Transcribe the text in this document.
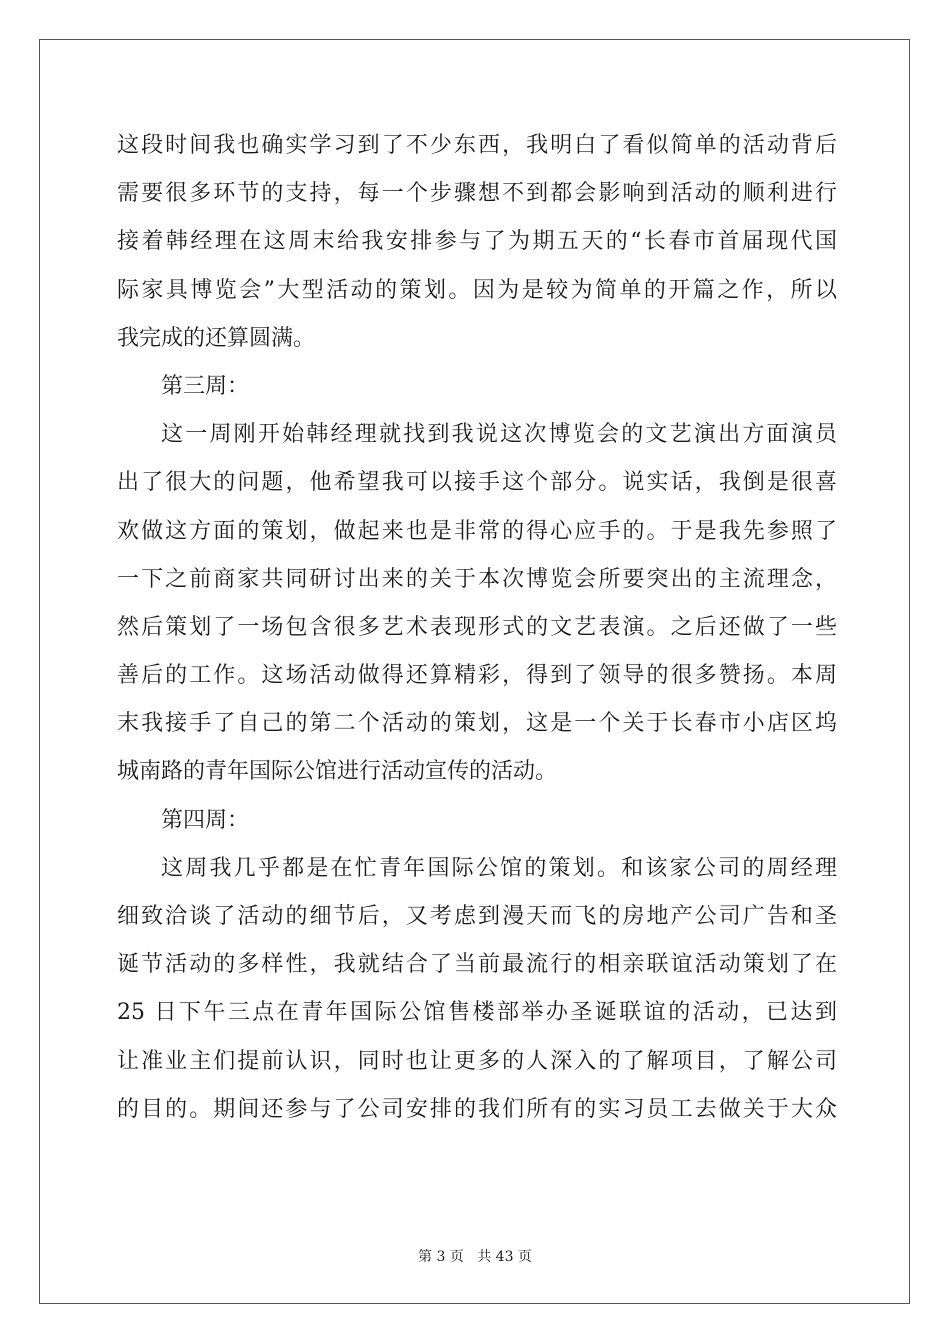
这段时间我也确实学习到了不少东西，我明白了看似简单的活动背后
需要很多环节的支持，每一个步骤想不到都会影响到活动的顺利进行
接着韩经理在这周末给我安排参与了为期五天的“长春市首届现代国
际家具博览会”大型活动的策划。因为是较为简单的开篇之作，所以
我完成的还算圆满。
第三周：
这一周刚开始韩经理就找到我说这次博览会的文艺演出方面演员
出了很大的问题，他希望我可以接手这个部分。说实话，我倒是很喜
欢做这方面的策划，做起来也是非常的得心应手的。于是我先参照了
一下之前商家共同研讨出来的关于本次博览会所要突出的主流理念，
然后策划了一场包含很多艺术表现形式的文艺表演。之后还做了一些
善后的工作。这场活动做得还算精彩，得到了领导的很多赞扬。本周
末我接手了自己的第二个活动的策划，这是一个关于长春市小店区坞
城南路的青年国际公馆进行活动宣传的活动。
第四周：
这周我几乎都是在忙青年国际公馆的策划。和该家公司的周经理
细致洽谈了活动的细节后，又考虑到漫天而飞的房地产公司广告和圣
诞节活动的多样性，我就结合了当前最流行的相亲联谊活动策划了在
25 日下午三点在青年国际公馆售楼部举办圣诞联谊的活动，已达到
让准业主们提前认识，同时也让更多的人深入的了解项目，了解公司
的目的。期间还参与了公司安排的我们所有的实习员工去做关于大众
第 3 页 共 43 页
